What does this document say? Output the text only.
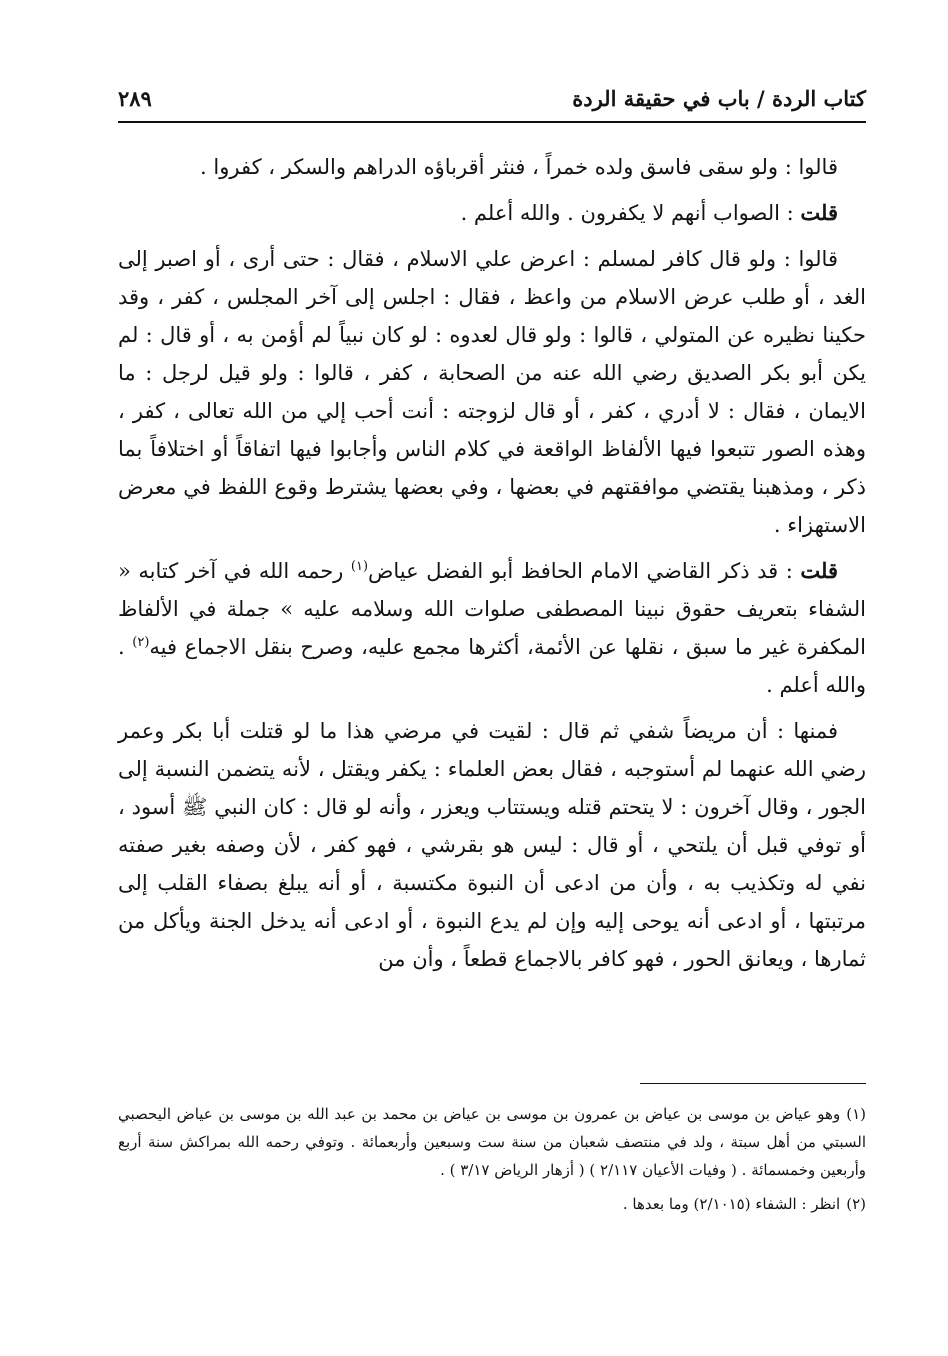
كتاب الردة / باب في حقيقة الردة
٢٨٩

قالوا : ولو سقى فاسق ولده خمراً ، فنثر أقرباؤه الدراهم والسكر ، كفروا .

قلت : الصواب أنهم لا يكفرون . والله أعلم .

قالوا : ولو قال كافر لمسلم : اعرض علي الاسلام ، فقال : حتى أرى ، أو اصبر إلى الغد ، أو طلب عرض الاسلام من واعظ ، فقال : اجلس إلى آخر المجلس ، كفر ، وقد حكينا نظيره عن المتولي ، قالوا : ولو قال لعدوه : لو كان نبياً لم أؤمن به ، أو قال : لم يكن أبو بكر الصديق رضي الله عنه من الصحابة ، كفر ، قالوا : ولو قيل لرجل : ما الايمان ، فقال : لا أدري ، كفر ، أو قال لزوجته : أنت أحب إلي من الله تعالى ، كفر ، وهذه الصور تتبعوا فيها الألفاظ الواقعة في كلام الناس وأجابوا فيها اتفاقاً أو اختلافاً بما ذكر ، ومذهبنا يقتضي موافقتهم في بعضها ، وفي بعضها يشترط وقوع اللفظ في معرض الاستهزاء .

قلت : قد ذكر القاضي الامام الحافظ أبو الفضل عياض$^{(١)}$ رحمه الله في آخر كتابه « الشفاء بتعريف حقوق نبينا المصطفى صلوات الله وسلامه عليه » جملة في الألفاظ المكفرة غير ما سبق ، نقلها عن الأئمة، أكثرها مجمع عليه، وصرح بنقل الاجماع فيه$^{(٢)}$ . والله أعلم .

فمنها : أن مريضاً شفي ثم قال : لقيت في مرضي هذا ما لو قتلت أبا بكر وعمر رضي الله عنهما لم أستوجبه ، فقال بعض العلماء : يكفر ويقتل ، لأنه يتضمن النسبة إلى الجور ، وقال آخرون : لا يتحتم قتله ويستتاب ويعزر ، وأنه لو قال : كان النبي ﷺ أسود ، أو توفي قبل أن يلتحي ، أو قال : ليس هو بقرشي ، فهو كفر ، لأن وصفه بغير صفته نفي له وتكذيب به ، وأن من ادعى أن النبوة مكتسبة ، أو أنه يبلغ بصفاء القلب إلى مرتبتها ، أو ادعى أنه يوحى إليه وإن لم يدع النبوة ، أو ادعى أنه يدخل الجنة ويأكل من ثمارها ، ويعانق الحور ، فهو كافر بالاجماع قطعاً ، وأن من

(١)وهو عياض بن موسى بن عياض بن عمرون بن موسى بن عياض بن محمد بن عبد الله بن موسى بن عياض اليحصبي السبتي من أهل سبتة ، ولد في منتصف شعبان من سنة ست وسبعين وأربعمائة . وتوفي رحمه الله بمراكش سنة أربع وأربعين وخمسمائة . ( وفيات الأعيان ٢/١١٧ ) ( أزهار الرياض ٣/١٧ ) .

(٢)انظر : الشفاء (٢/١٠١٥) وما بعدها .
